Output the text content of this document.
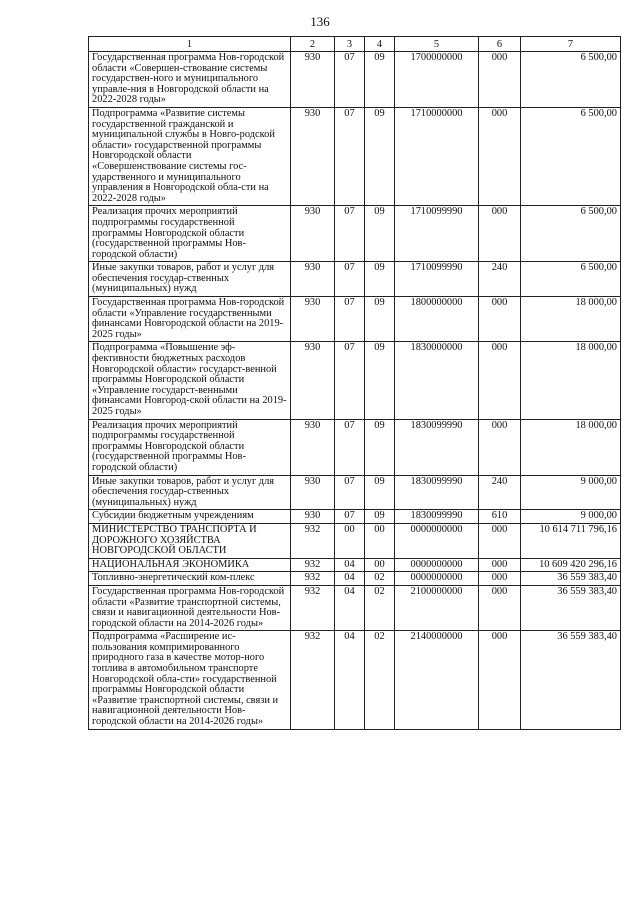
136
1	2	3	4	5	6	7
Государственная программа Нов-городской области «Совершен-ствование системы государствен-ного и муниципального управле-ния в Новгородской области на 2022-2028 годы»	930	07	09	1700000000	000	6 500,00
Подпрограмма «Развитие системы государственной гражданской и муниципальной службы в Новго-родской области» государственной программы Новгородской области «Совершенствование системы гос-ударственного и муниципального управления в Новгородской обла-сти на 2022-2028 годы»	930	07	09	1710000000	000	6 500,00
Реализация прочих мероприятий подпрограммы государственной программы Новгородской области (государственной программы Нов-городской области)	930	07	09	1710099990	000	6 500,00
Иные закупки товаров, работ и услуг для обеспечения государ-ственных (муниципальных) нужд	930	07	09	1710099990	240	6 500,00
Государственная программа Нов-городской области «Управление государственными финансами Новгородской области на 2019-2025 годы»	930	07	09	1800000000	000	18 000,00
Подпрограмма «Повышение эф-фективности бюджетных расходов Новгородской области» государст-венной программы Новгородской области «Управление государст-венными финансами Новгород-ской области на 2019-2025 годы»	930	07	09	1830000000	000	18 000,00
Реализация прочих мероприятий подпрограммы государственной программы Новгородской области (государственной программы Нов-городской области)	930	07	09	1830099990	000	18 000,00
Иные закупки товаров, работ и услуг для обеспечения государ-ственных (муниципальных) нужд	930	07	09	1830099990	240	9 000,00
Субсидии бюджетным учреждениям	930	07	09	1830099990	610	9 000,00
МИНИСТЕРСТВО ТРАНСПОРТА И ДОРОЖНОГО ХОЗЯЙСТВА НОВГОРОДСКОЙ ОБЛАСТИ	932	00	00	0000000000	000	10 614 711 796,16
НАЦИОНАЛЬНАЯ ЭКОНОМИКА	932	04	00	0000000000	000	10 609 420 296,16
Топливно-энергетический ком-плекс	932	04	02	0000000000	000	36 559 383,40
Государственная программа Нов-городской области «Развитие транспортной системы, связи и навигационной деятельности Нов-городской области на 2014-2026 годы»	932	04	02	2100000000	000	36 559 383,40
Подпрограмма «Расширение ис-пользования компримированного природного газа в качестве мотор-ного топлива в автомобильном транспорте Новгородской обла-сти» государственной программы Новгородской области «Развитие транспортной системы, связи и навигационной деятельности Нов-городской области на 2014-2026 годы»	932	04	02	2140000000	000	36 559 383,40
